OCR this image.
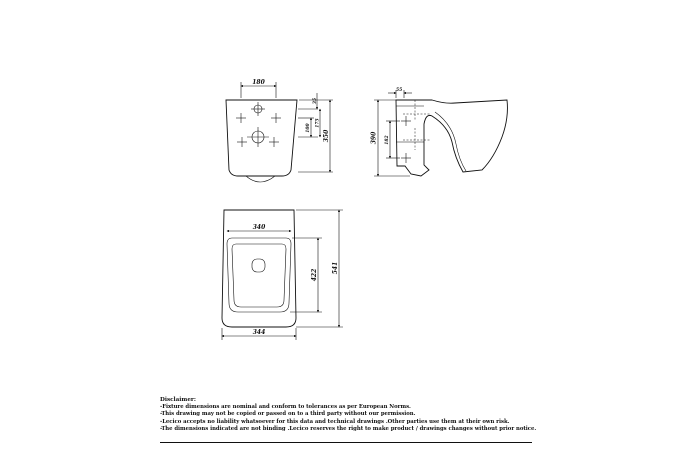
180
35
100
175
350
55
182
390
340
344
422
541
Disclaimer:
-Fixture dimensions are nominal and conform to tolerances as per European Norms.
-This drawing may not be copied or passed on to a third party without our permission.
-Lecico accepts no liability whatsoever for this data and technical drawings .Other parties use them at their own risk.
-The dimensions indicated are not binding .Lecico reserves the right to make product / drawings changes without prior notice.
